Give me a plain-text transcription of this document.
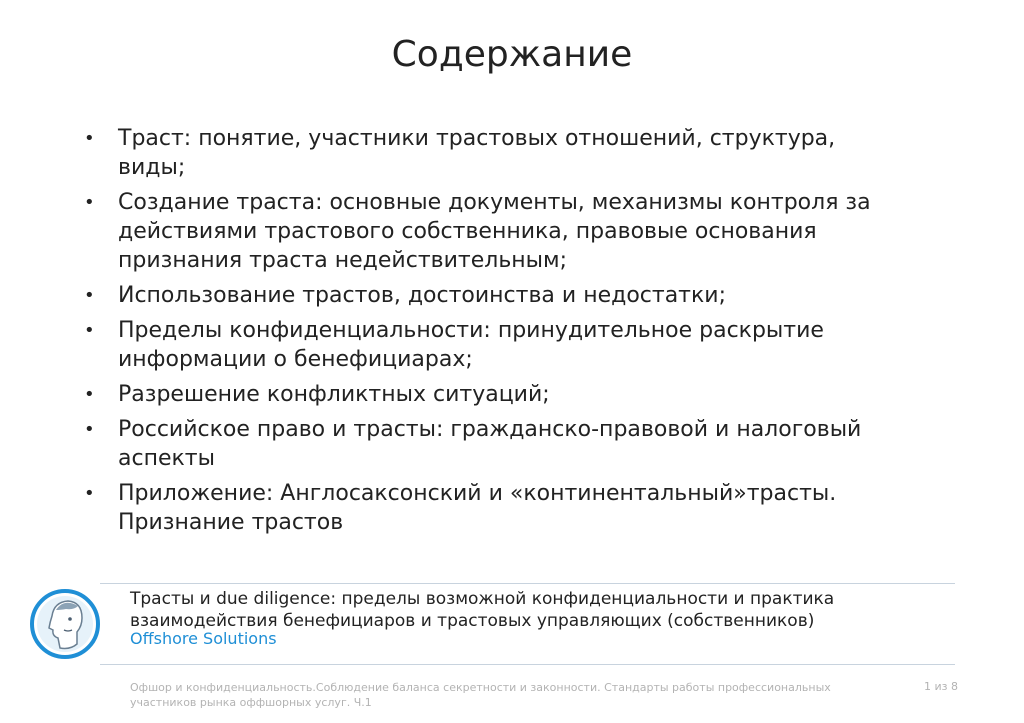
Содержание
• Траст: понятие, участники трастовых отношений, структура, виды;
• Создание траста: основные документы, механизмы контроля за действиями трастового собственника, правовые основания признания траста недействительным;
• Использование трастов, достоинства и недостатки;
• Пределы конфиденциальности: принудительное раскрытие информации о бенефициарах;
• Разрешение конфликтных ситуаций;
• Российское право и трасты: гражданско-правовой и налоговый аспекты
• Приложение: Англосаксонский и «континентальный»трасты. Признание трастов
Трасты и due diligence: пределы возможной конфиденциальности и практика взаимодействия бенефициаров и трастовых управляющих (собственников)
Offshore Solutions
Офшор и конфиденциальность.Соблюдение баланса секретности и законности. Стандарты работы профессиональных участников рынка оффшорных услуг. Ч.1
1 из 8
